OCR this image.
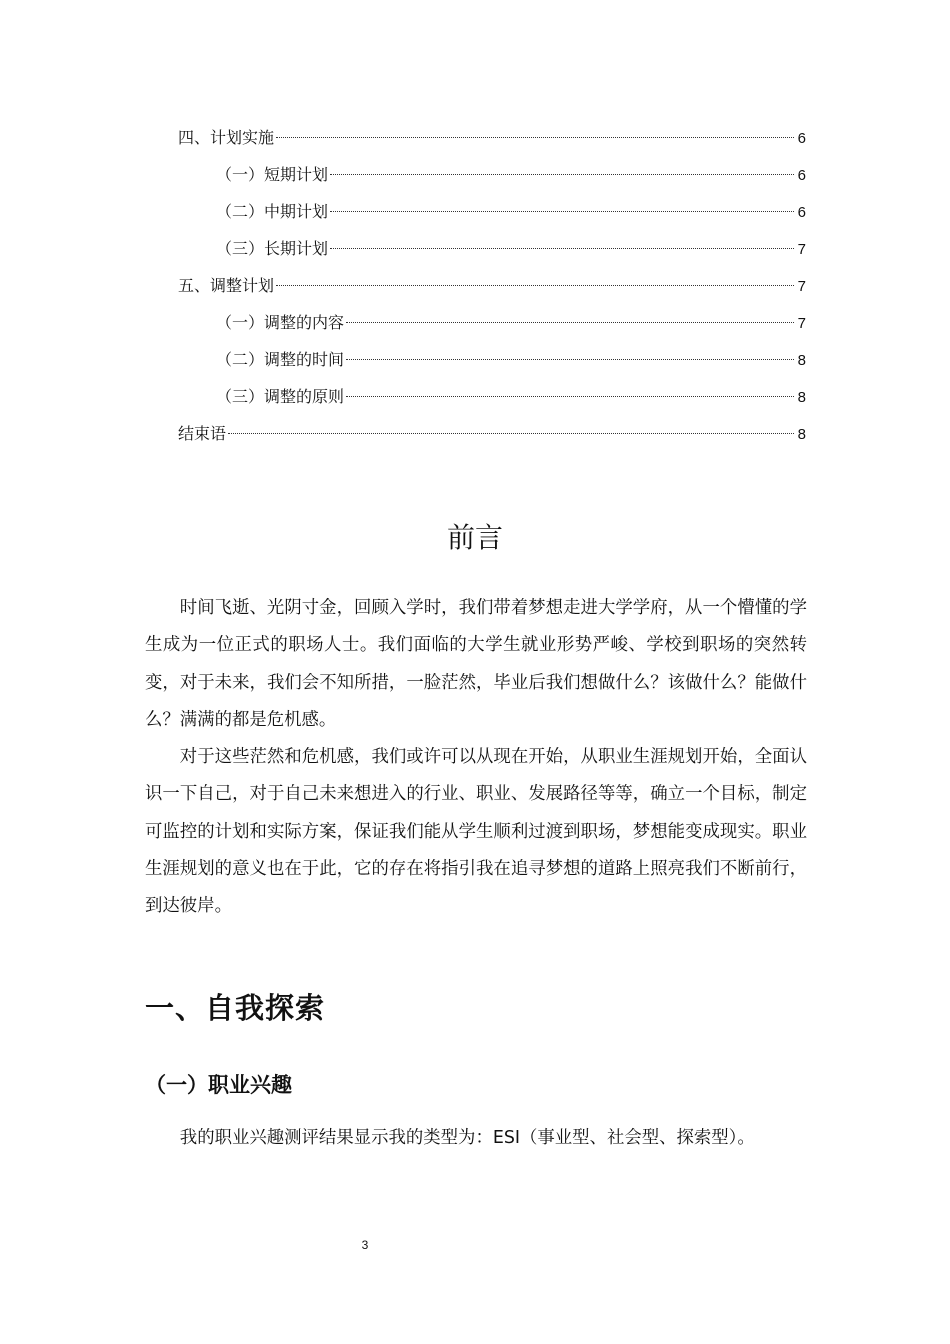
四、计划实施	6
（一）短期计划	6
（二）中期计划	6
（三）长期计划	7
五、调整计划	7
（一）调整的内容	7
（二）调整的时间	8
（三）调整的原则	8
结束语	8
前言

时间飞逝、光阴寸金，回顾入学时，我们带着梦想走进大学学府，从一个懵懂的学生成为一位正式的职场人士。我们面临的大学生就业形势严峻、学校到职场的突然转变，对于未来，我们会不知所措，一脸茫然，毕业后我们想做什么？该做什么？能做什么？满满的都是危机感。

对于这些茫然和危机感，我们或许可以从现在开始，从职业生涯规划开始，全面认识一下自己，对于自己未来想进入的行业、职业、发展路径等等，确立一个目标，制定可监控的计划和实际方案，保证我们能从学生顺利过渡到职场，梦想能变成现实。职业生涯规划的意义也在于此，它的存在将指引我在追寻梦想的道路上照亮我们不断前行，到达彼岸。

一、自我探索
（一）职业兴趣

我的职业兴趣测评结果显示我的类型为：ESI（事业型、社会型、探索型）。

3
